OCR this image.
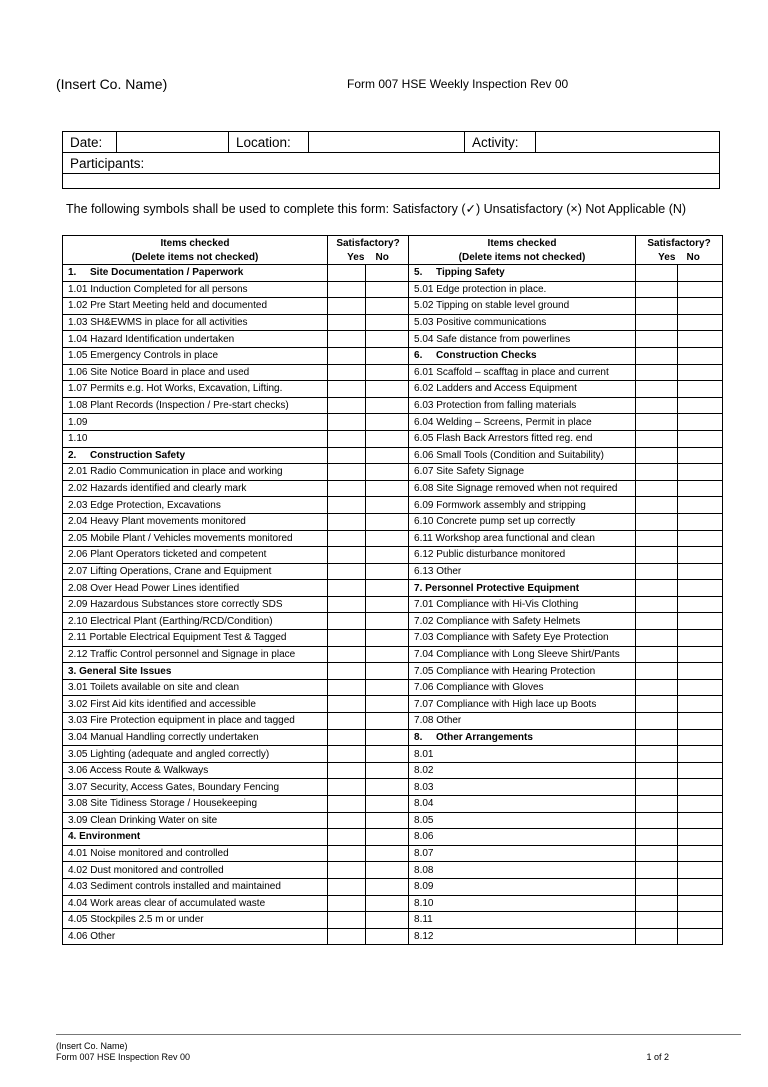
(Insert Co. Name)	Form 007 HSE Weekly Inspection Rev 00
Date:		Location:		Activity:	
Participants:

The following symbols shall be used to complete this form: Satisfactory (✓) Unsatisfactory (×) Not Applicable (N)
Items checked	Satisfactory?		Items checked	Satisfactory?	
(Delete items not checked)	Yes No		(Delete items not checked)	Yes No	
1. Site Documentation / Paperwork			5. Tipping Safety		
1.01 Induction Completed for all persons			5.01 Edge protection in place.		
1.02 Pre Start Meeting held and documented			5.02 Tipping on stable level ground		
1.03 SH&EWMS in place for all activities			5.03 Positive communications		
1.04 Hazard Identification undertaken			5.04 Safe distance from powerlines		
1.05 Emergency Controls in place			6. Construction Checks		
1.06 Site Notice Board in place and used			6.01 Scaffold – scafftag in place and current		
1.07 Permits e.g. Hot Works, Excavation, Lifting.			6.02 Ladders and Access Equipment		
1.08 Plant Records (Inspection / Pre-start checks)			6.03 Protection from falling materials		
1.09			6.04 Welding – Screens, Permit in place		
1.10			6.05 Flash Back Arrestors fitted reg. end		
2. Construction Safety			6.06 Small Tools (Condition and Suitability)		
2.01 Radio Communication in place and working			6.07 Site Safety Signage		
2.02 Hazards identified and clearly mark			6.08 Site Signage removed when not required		
2.03 Edge Protection, Excavations			6.09 Formwork assembly and stripping		
2.04 Heavy Plant movements monitored			6.10 Concrete pump set up correctly		
2.05 Mobile Plant / Vehicles movements monitored			6.11 Workshop area functional and clean		
2.06 Plant Operators ticketed and competent			6.12 Public disturbance monitored		
2.07 Lifting Operations, Crane and Equipment			6.13 Other		
2.08 Over Head Power Lines identified			7. Personnel Protective Equipment		
2.09 Hazardous Substances store correctly SDS			7.01 Compliance with Hi-Vis Clothing		
2.10 Electrical Plant (Earthing/RCD/Condition)			7.02 Compliance with Safety Helmets		
2.11 Portable Electrical Equipment Test & Tagged			7.03 Compliance with Safety Eye Protection		
2.12 Traffic Control personnel and Signage in place			7.04 Compliance with Long Sleeve Shirt/Pants		
3. General Site Issues			7.05 Compliance with Hearing Protection		
3.01 Toilets available on site and clean			7.06 Compliance with Gloves		
3.02 First Aid kits identified and accessible			7.07 Compliance with High lace up Boots		
3.03 Fire Protection equipment in place and tagged			7.08 Other		
3.04 Manual Handling correctly undertaken			8. Other Arrangements		
3.05 Lighting (adequate and angled correctly)			8.01		
3.06 Access Route & Walkways			8.02		
3.07 Security, Access Gates, Boundary Fencing			8.03		
3.08 Site Tidiness Storage / Housekeeping			8.04		
3.09 Clean Drinking Water on site			8.05		
4. Environment			8.06		
4.01 Noise monitored and controlled			8.07		
4.02 Dust monitored and controlled			8.08		
4.03 Sediment controls installed and maintained			8.09		
4.04 Work areas clear of accumulated waste			8.10		
4.05 Stockpiles 2.5 m or under			8.11		
4.06 Other			8.12		
(Insert Co. Name)
Form 007 HSE Inspection Rev 00	1 of 2
